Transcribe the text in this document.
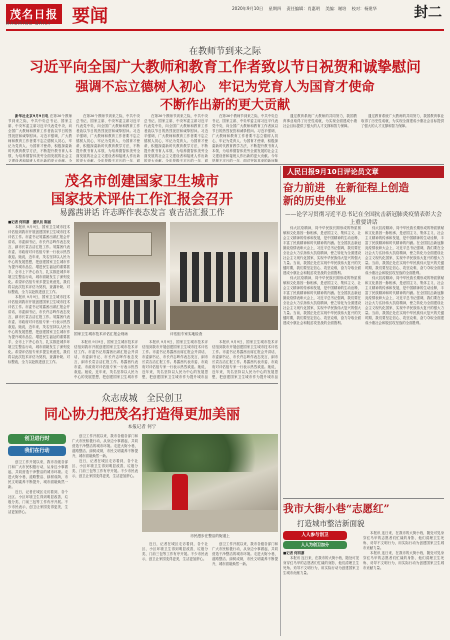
茂名日报
MAOMING DAILY 要闻	2020年9月10日 星期四 责任编辑：肖惠明 美编：谢培 校对：杨建华	封二
在教师节到来之际
习近平向全国广大教师和教育工作者致以节日祝贺和诚挚慰问
强调不忘立德树人初心　牢记为党育人为国育才使命
不断作出新的更大贡献

新华社北京9月9日电 在第36个教师节到来之际，中共中央总书记、国家主席、中央军委主席习近平代表党中央，向全国广大教师和教育工作者致以节日的热烈祝贺和诚挚慰问。习近平强调，广大教师和教育工作者要不忘立德树人初心，牢记为党育人、为国育才使命，积极探索新时代教育教学方法，不断提升教书育人本领，为培养德智体美劳全面发展的社会主义建设者和接班人作出新的更大贡献。今

在第36个教师节到来之际，中共中央总书记、国家主席、中央军委主席习近平代表党中央，向全国广大教师和教育工作者致以节日的热烈祝贺和诚挚慰问。习近平强调，广大教师和教育工作者要不忘立德树人初心，牢记为党育人、为国育才使命，积极探索新时代教育教学方法，不断提升教书育人本领，为培养德智体美劳全面发展的社会主义建设者和接班人作出新的更大贡献。今年是极不平凡的一年，面

在第36个教师节到来之际，中共中央总书记、国家主席、中央军委主席习近平代表党中央，向全国广大教师和教育工作者致以节日的热烈祝贺和诚挚慰问。习近平强调，广大教师和教育工作者要不忘立德树人初心，牢记为党育人、为国育才使命，积极探索新时代教育教学方法，不断提升教书育人本领，为培养德智体美劳全面发展的社会主义建设者和接班人作出新的更大贡献。今年是极不平凡的一年，面

在第36个教师节到来之际，中共中央总书记、国家主席、中央军委主席习近平代表党中央，向全国广大教师和教育工作者致以节日的热烈祝贺和诚挚慰问。习近平强调，广大教师和教育工作者要不忘立德树人初心，牢记为党育人、为国育才使命，积极探索新时代教育教学方法，不断提升教书育人本领，为培养德智体美劳全面发展的社会主义建设者和接班人作出新的更大贡献。今年是极不平凡的一年，面对突如其来的新冠肺

通过教育系统广大教师的共同努力，我国教育事业取得了历史性成就，为实现全面建成小康社会目标提供了强大的人才支撑和智力保障。

通过教育系统广大教师的共同努力，我国教育事业取得了历史性成就，为实现全面建成小康社会目标提供了强大的人才支撑和智力保障。

茂名市创建国家卫生城市
国家技术评估工作汇报会召开
易露茜讲话 许志晖作表态发言 袁吉洁汇报工作

■记者 何西嘉　通讯员 陈丽

本报讯 9月9日，国家卫生城市技术评估组到我市开展创建国家卫生城市技术评估工作。市委书记易露茜出席汇报会并讲话，市委副书记、市长许志晖作表态发言，副市长袁吉洁汇报工作。易露茜代表市委、市政府对评估组专家一行表示热烈欢迎。她说，近年来，茂名坚持以人民为中心的发展思想，把创建国家卫生城市作为提升城市品位、增进民生福祉的重要抓手，全市上下齐心协力，扎实推进城乡环境卫生整洁行动，城市面貌发生了深刻变化。希望评估组专家多提宝贵意见，我们将以此次技术评估为契机，查漏补缺、对标整改，全力以赴推进创卫工作。

本报讯 9月9日，国家卫生城市技术评估组到我市开展创建国家卫生城市技术评估工作。市委书记易露茜出席汇报会并讲话，市委副书记、市长许志晖作表态发言，副市长袁吉洁汇报工作。易露茜代表市委、市政府对评估组专家一行表示热烈欢迎。她说，近年来，茂名坚持以人民为中心的发展思想，把创建国家卫生城市作为提升城市品位、增进民生福祉的重要抓手，全市上下齐心协力，扎实推进城乡环境卫生整洁行动，城市面貌发生了深刻变化。希望评估组专家多提宝贵意见，我们将以此次技术评估为契机，查漏补缺、对标整改，全力以赴推进创卫工作。

国家卫生城市技术评估汇报会现场	评估组专家实地检查

本报讯 9月9日，国家卫生城市技术评估组到我市开展创建国家卫生城市技术评估工作。市委书记易露茜出席汇报会并讲话，市委副书记、市长许志晖作表态发言，副市长袁吉洁汇报工作。易露茜代表市委、市政府对评估组专家一行表示热烈欢迎。她说，近年来，茂名坚持以人民为中心的发展思想，把创建国家卫生城市作

本报讯 9月9日，国家卫生城市技术评估组到我市开展创建国家卫生城市技术评估工作。市委书记易露茜出席汇报会并讲话，市委副书记、市长许志晖作表态发言，副市长袁吉洁汇报工作。易露茜代表市委、市政府对评估组专家一行表示热烈欢迎。她说，近年来，茂名坚持以人民为中心的发展思想，把创建国家卫生城市作为提升城市品

本报讯 9月9日，国家卫生城市技术评估组到我市开展创建国家卫生城市技术评估工作。市委书记易露茜出席汇报会并讲话，市委副书记、市长许志晖作表态发言，副市长袁吉洁汇报工作。易露茜代表市委、市政府对评估组专家一行表示热烈欢迎。她说，近年来，茂名坚持以人民为中心的发展思想，把创建国家卫生城市作为提升城市品

众志成城　全民创卫
同心协力把茂名打造得更加美丽
本报记者 何宁
创卫进行时
我们在行动

创卫工作开展以来，我市各级各部门和广大市民积极行动，从身边小事做起，共同营造干净整洁的城市环境。走进大街小巷，道路整洁、绿树成荫，市民文明素养不断提升，城市面貌焕然一新。

近日，记者在城区走访看到，各个社区、小区环境卫生得到明显改善，垃圾分类、门前三包等工作有序开展。不少市民表示，创卫让家园变得更美，生活更加舒心。

创卫工作开展以来，我市各级各部门和广大市民积极行动，从身边小事做起，共同营造干净整洁的城市环境。走进大街小巷，道路整洁、绿树成荫，市民文明素养不断提升，城市面貌焕然一新。

近日，记者在城区走访看到，各个社区、小区环境卫生得到明显改善，垃圾分类、门前三包等工作有序开展。不少市民表示，创卫让家园变得更美，生活更加舒心。

市民漫步在整洁的街道上

近日，记者在城区走访看到，各个社区、小区环境卫生得到明显改善，垃圾分类、门前三包等工作有序开展。不少市民表示，创卫让家园变得更美，生活更加舒心。

创卫工作开展以来，我市各级各部门和广大市民积极行动，从身边小事做起，共同营造干净整洁的城市环境。走进大街小巷，道路整洁、绿树成荫，市民文明素养不断提升，城市面貌焕然一新。

人民日报9月10日评论员文章
奋力前进　在新征程上创造
新的历史伟业
——论学习贯彻习近平总书记在全国抗击新冠肺炎疫情表彰大会上重要讲话

伟大抗疫精神，同中华民族长期形成的特质禀赋和文化基因一脉相承，是爱国主义、集体主义、社会主义精神的传承和发展，是中国精神的生动诠释，丰富了民族精神和时代精神的内涵。在全国抗击新冠肺炎疫情表彰大会上，习近平总书记强调，我们要在全社会大力弘扬伟大抗疫精神，使之转化为全面建设社会主义现代化国家、实现中华民族伟大复兴的强大力量。当前，我国正处在实现中华民族伟大复兴的关键时期，我们要坚定信心、攻坚克难，奋力夺取全面建成小康社会和脱贫攻坚战的全面胜利。

伟大抗疫精神，同中华民族长期形成的特质禀赋和文化基因一脉相承，是爱国主义、集体主义、社会主义精神的传承和发展，是中国精神的生动诠释，丰富了民族精神和时代精神的内涵。在全国抗击新冠肺炎疫情表彰大会上，习近平总书记强调，我们要在全社会大力弘扬伟大抗疫精神，使之转化为全面建设社会主义现代化国家、实现中华民族伟大复兴的强大力量。当前，我国正处在实现中华民族伟大复兴的关键时期，我们要坚定信心、攻坚克难，奋力夺取全面建成小康社会和脱贫攻坚战的全面胜利。

伟大抗疫精神，同中华民族长期形成的特质禀赋和文化基因一脉相承，是爱国主义、集体主义、社会主义精神的传承和发展，是中国精神的生动诠释，丰富了民族精神和时代精神的内涵。在全国抗击新冠肺炎疫情表彰大会上，习近平总书记强调，我们要在全社会大力弘扬伟大抗疫精神，使之转化为全面建设社会主义现代化国家、实现中华民族伟大复兴的强大力量。当前，我国正处在实现中华民族伟大复兴的关键时期，我们要坚定信心、攻坚克难，奋力夺取全面建成小康社会和脱贫攻坚战的全面胜利。

伟大抗疫精神，同中华民族长期形成的特质禀赋和文化基因一脉相承，是爱国主义、集体主义、社会主义精神的传承和发展，是中国精神的生动诠释，丰富了民族精神和时代精神的内涵。在全国抗击新冠肺炎疫情表彰大会上，习近平总书记强调，我们要在全社会大力弘扬伟大抗疫精神，使之转化为全面建设社会主义现代化国家、实现中华民族伟大复兴的强大力量。当前，我国正处在实现中华民族伟大复兴的关键时期，我们要坚定信心、攻坚克难，奋力夺取全面建成小康社会和脱贫攻坚战的全面胜利。

我市大街小巷“志愿红”
打造城市整洁新面貌
人人参与创卫
人人为创卫加分

■记者 何西嘉

本报讯 连日来，在我市的大街小巷，随处可见身穿红马甲的志愿者们忙碌的身影，他们清理卫生死角、劝导不文明行为，用实际行动为创建国家卫生城市贡献力量。

本报讯 连日来，在我市的大街小巷，随处可见身穿红马甲的志愿者们忙碌的身影，他们清理卫生死角、劝导不文明行为，用实际行动为创建国家卫生城市贡献力量。

本报讯 连日来，在我市的大街小巷，随处可见身穿红马甲的志愿者们忙碌的身影，他们清理卫生死角、劝导不文明行为，用实际行动为创建国家卫生城市贡献力量。
